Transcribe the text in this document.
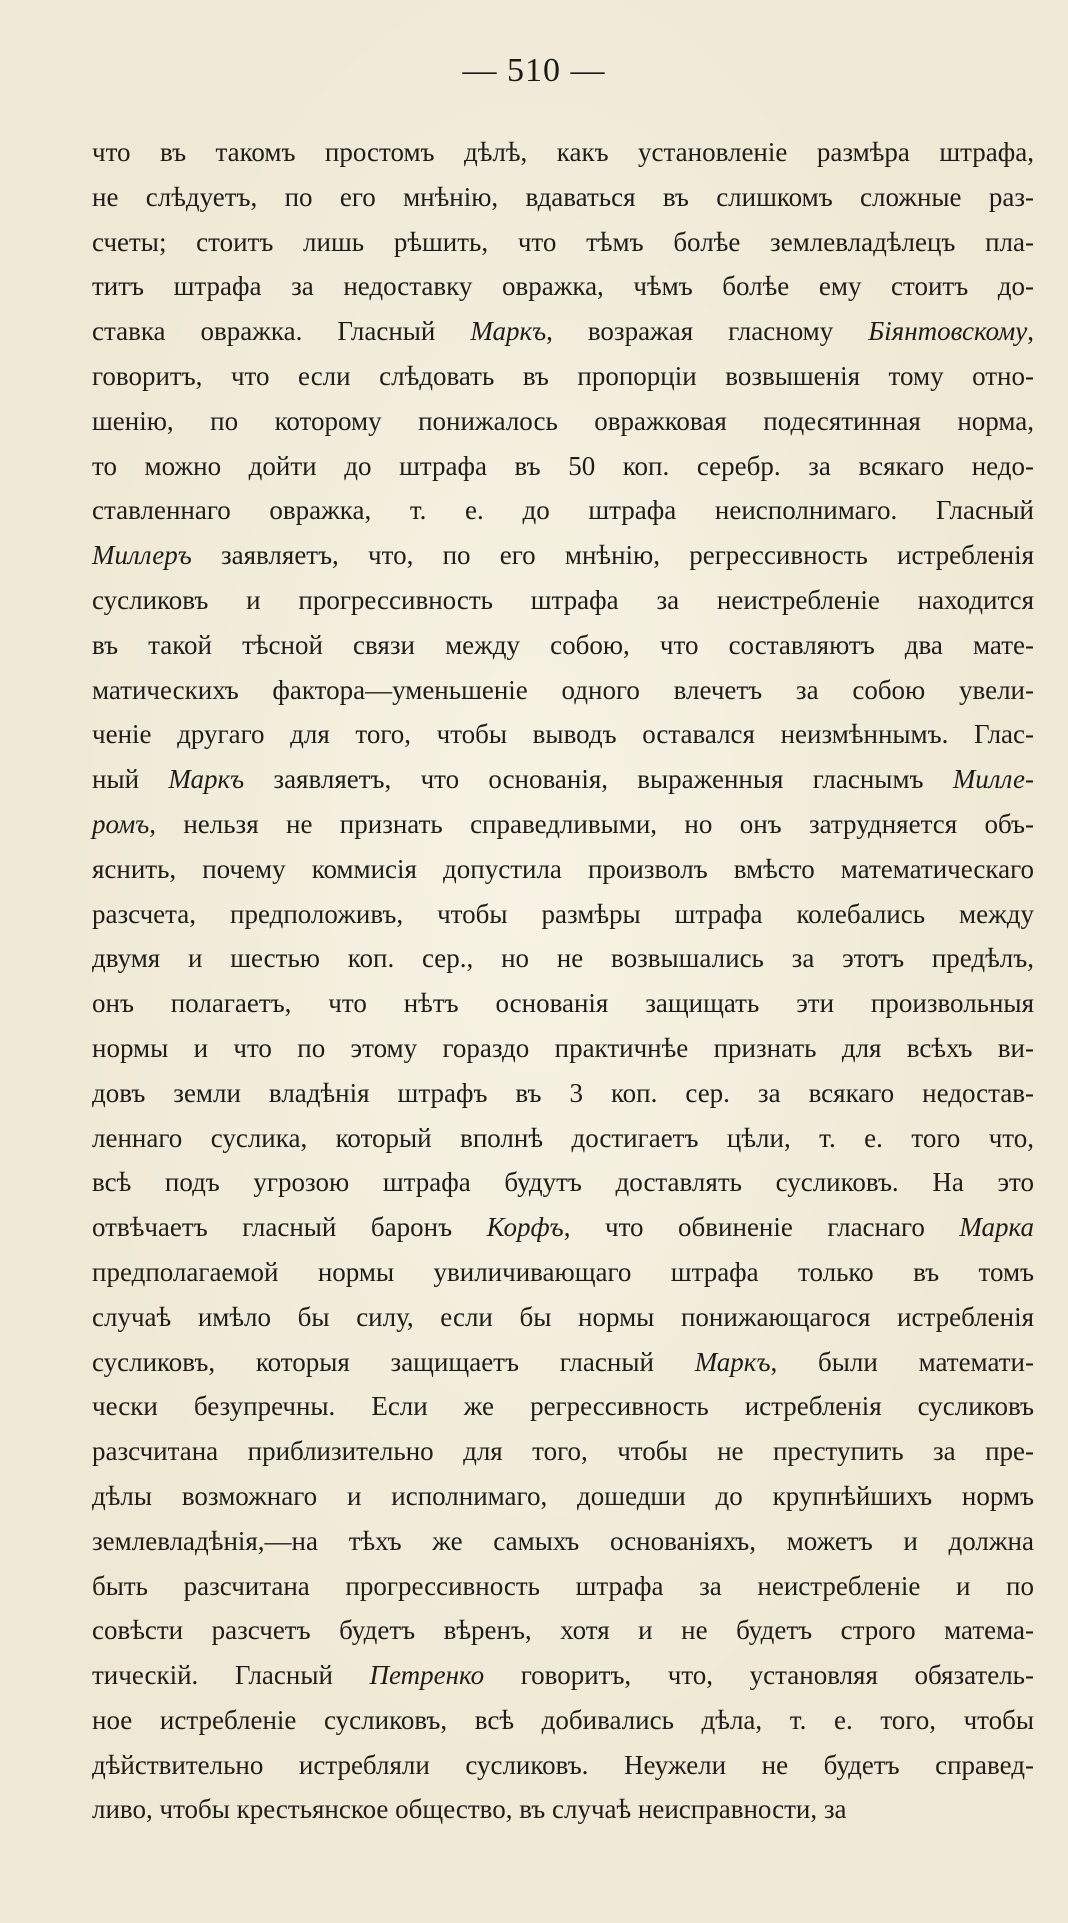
— 510 —
что въ такомъ простомъ дѣлѣ, какъ установленіе размѣра штрафа,
не слѣдуетъ, по его мнѣнію, вдаваться въ слишкомъ сложные раз-
счеты; стоитъ лишь рѣшить, что тѣмъ болѣе землевладѣлецъ пла-
титъ штрафа за недоставку овражка, чѣмъ болѣе ему стоитъ до-
ставка овражка. Гласный Маркъ, возражая гласному Біянтовскому,
говоритъ, что если слѣдовать въ пропорціи возвышенія тому отно-
шенію, по которому понижалось овражковая подесятинная норма,
то можно дойти до штрафа въ 50 коп. серебр. за всякаго недо-
ставленнаго овражка, т. е. до штрафа неисполнимаго. Гласный
Миллеръ заявляетъ, что, по его мнѣнію, регрессивность истребленія
сусликовъ и прогрессивность штрафа за неистребленіе находится
въ такой тѣсной связи между собою, что составляютъ два мате-
матическихъ фактора—уменьшеніе одного влечетъ за собою увели-
ченіе другаго для того, чтобы выводъ оставался неизмѣннымъ. Глас-
ный Маркъ заявляетъ, что основанія, выраженныя гласнымъ Милле-
ромъ, нельзя не признать справедливыми, но онъ затрудняется объ-
яснить, почему коммисія допустила произволъ вмѣсто математическаго
разсчета, предположивъ, чтобы размѣры штрафа колебались между
двумя и шестью коп. сер., но не возвышались за этотъ предѣлъ,
онъ полагаетъ, что нѣтъ основанія защищать эти произвольныя
нормы и что по этому гораздо практичнѣе признать для всѣхъ ви-
довъ земли владѣнія штрафъ въ 3 коп. сер. за всякаго недостав-
леннаго суслика, который вполнѣ достигаетъ цѣли, т. е. того что,
всѣ подъ угрозою штрафа будутъ доставлять сусликовъ. На это
отвѣчаетъ гласный баронъ Корфъ, что обвиненіе гласнаго Марка
предполагаемой нормы увиличивающаго штрафа только въ томъ
случаѣ имѣло бы силу, если бы нормы понижающагося истребленія
сусликовъ, которыя защищаетъ гласный Маркъ, были математи-
чески безупречны. Если же регрессивность истребленія сусликовъ
разсчитана приблизительно для того, чтобы не преступить за пре-
дѣлы возможнаго и исполнимаго, дошедши до крупнѣйшихъ нормъ
землевладѣнія,—на тѣхъ же самыхъ основаніяхъ, можетъ и должна
быть разсчитана прогрессивность штрафа за неистребленіе и по
совѣсти разсчетъ будетъ вѣренъ, хотя и не будетъ строго матема-
тическій. Гласный Петренко говоритъ, что, установляя обязатель-
ное истребленіе сусликовъ, всѣ добивались дѣла, т. е. того, чтобы
дѣйствительно истребляли сусликовъ. Неужели не будетъ справед-
ливо, чтобы крестьянское общество, въ случаѣ неисправности, за
